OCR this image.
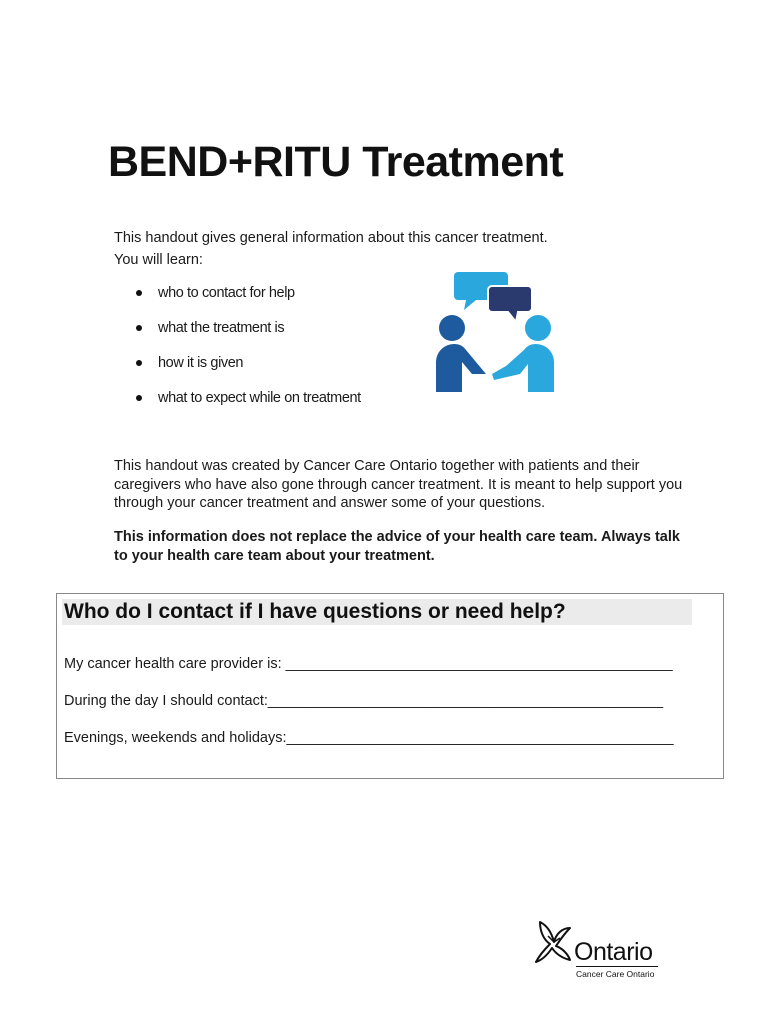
BEND+RITU Treatment
This handout gives general information about this cancer treatment.
You will learn:
who to contact for help
what the treatment is
how it is given
what to expect while on treatment
This handout was created by Cancer Care Ontario together with patients and their caregivers who have also gone through cancer treatment. It is meant to help support you through your cancer treatment and answer some of your questions.
This information does not replace the advice of your health care team. Always talk to your health care team about your treatment.
Who do I contact if I have questions or need help?
My cancer health care provider is: ________________________________________________
During the day I should contact:_________________________________________________
Evenings, weekends and holidays:________________________________________________
Ontario
Cancer Care Ontario
